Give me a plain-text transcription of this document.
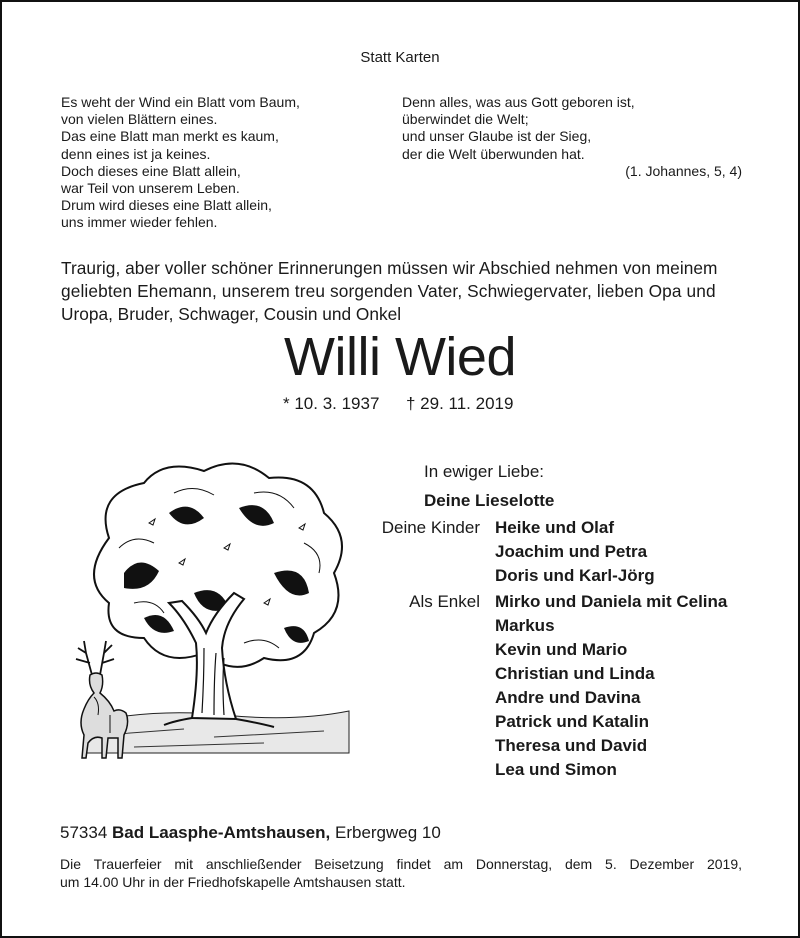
Statt Karten
Es weht der Wind ein Blatt vom Baum,
von vielen Blättern eines.
Das eine Blatt man merkt es kaum,
denn eines ist ja keines.
Doch dieses eine Blatt allein,
war Teil von unserem Leben.
Drum wird dieses eine Blatt allein,
uns immer wieder fehlen.
Denn alles, was aus Gott geboren ist,
überwindet die Welt;
und unser Glaube ist der Sieg,
der die Welt überwunden hat.
(1. Johannes, 5, 4)
Traurig, aber voller schöner Erinnerungen müssen wir Abschied nehmen von meinem
geliebten Ehemann, unserem treu sorgenden Vater, Schwiegervater, lieben Opa und
Uropa, Bruder, Schwager, Cousin und Onkel
Willi Wied
* 10. 3. 1937 † 29. 11. 2019
In ewiger Liebe:
Deine Lieselotte
Deine Kinder Heike und Olaf
Joachim und Petra
Doris und Karl-Jörg
Als Enkel Mirko und Daniela mit Celina
Markus
Kevin und Mario
Christian und Linda
Andre und Davina
Patrick und Katalin
Theresa und David
Lea und Simon
57334 Bad Laasphe-Amtshausen, Erbergweg 10
Die Trauerfeier mit anschließender Beisetzung findet am Donnerstag, dem 5. Dezember 2019,
um 14.00 Uhr in der Friedhofskapelle Amtshausen statt.
